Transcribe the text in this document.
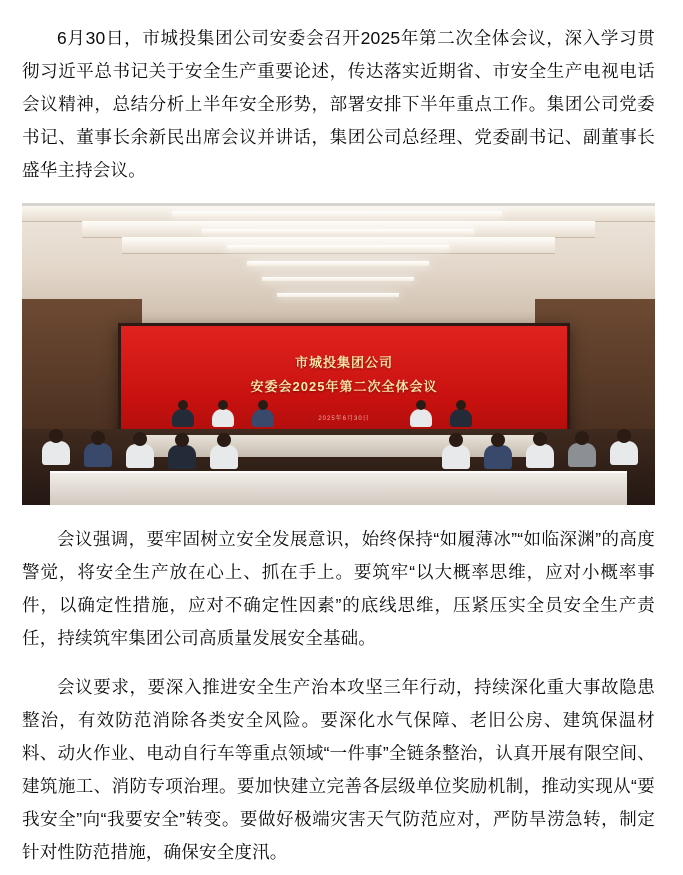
6月30日，市城投集团公司安委会召开2025年第二次全体会议，深入学习贯彻习近平总书记关于安全生产重要论述，传达落实近期省、市安全生产电视电话会议精神，总结分析上半年安全形势，部署安排下半年重点工作。集团公司党委书记、董事长余新民出席会议并讲话，集团公司总经理、党委副书记、副董事长盛华主持会议。

市城投集团公司
安委会2025年第二次全体会议
2025年6月30日

会议强调，要牢固树立安全发展意识，始终保持“如履薄冰”“如临深渊”的高度警觉，将安全生产放在心上、抓在手上。要筑牢“以大概率思维，应对小概率事件，以确定性措施，应对不确定性因素”的底线思维，压紧压实全员安全生产责任，持续筑牢集团公司高质量发展安全基础。

会议要求，要深入推进安全生产治本攻坚三年行动，持续深化重大事故隐患整治，有效防范消除各类安全风险。要深化水气保障、老旧公房、建筑保温材料、动火作业、电动自行车等重点领域“一件事”全链条整治，认真开展有限空间、建筑施工、消防专项治理。要加快建立完善各层级单位奖励机制，推动实现从“要我安全”向“我要安全”转变。要做好极端灾害天气防范应对，严防旱涝急转，制定针对性防范措施，确保安全度汛。
